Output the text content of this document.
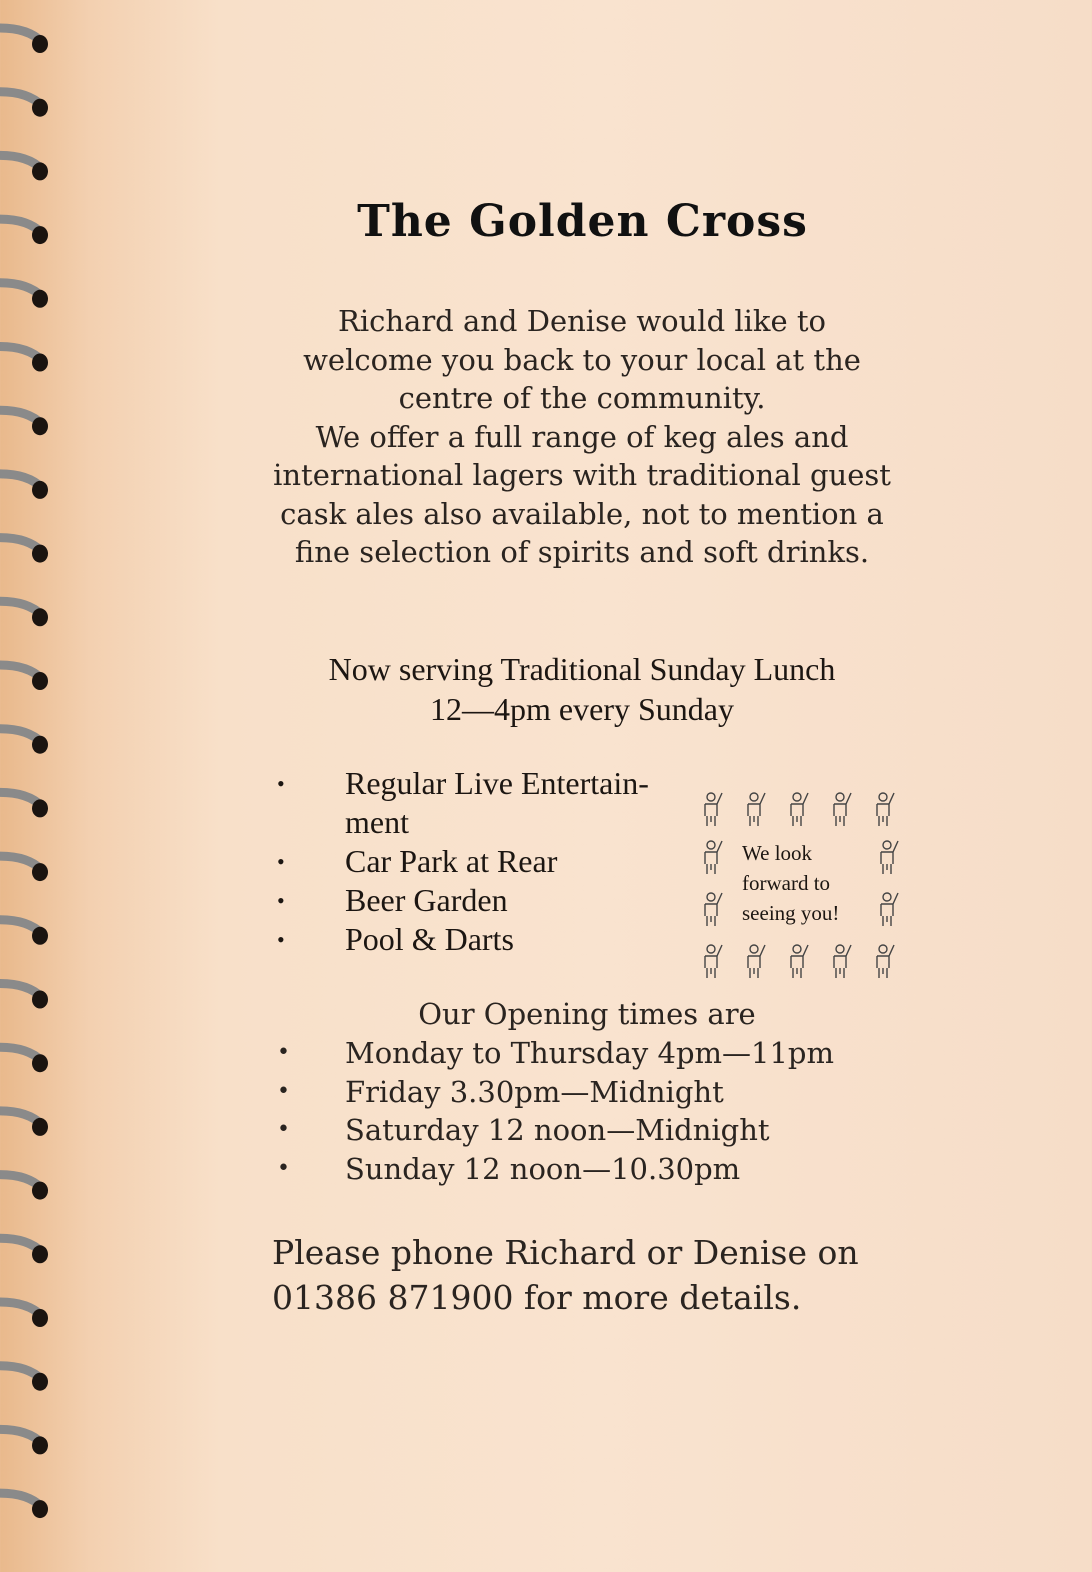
The Golden Cross
Richard and Denise would like to
welcome you back to your local at the
centre of the community.
We offer a full range of keg ales and
international lagers with traditional guest
cask ales also available, not to mention a
fine selection of spirits and soft drinks.
Now serving Traditional Sunday Lunch
12—4pm every Sunday
• Regular Live Entertain-
ment
• Car Park at Rear
• Beer Garden
• Pool & Darts
We look
forward to
seeing you!
Our Opening times are
• Monday to Thursday 4pm—11pm
• Friday 3.30pm—Midnight
• Saturday 12 noon—Midnight
• Sunday 12 noon—10.30pm
Please phone Richard or Denise on
01386 871900 for more details.
